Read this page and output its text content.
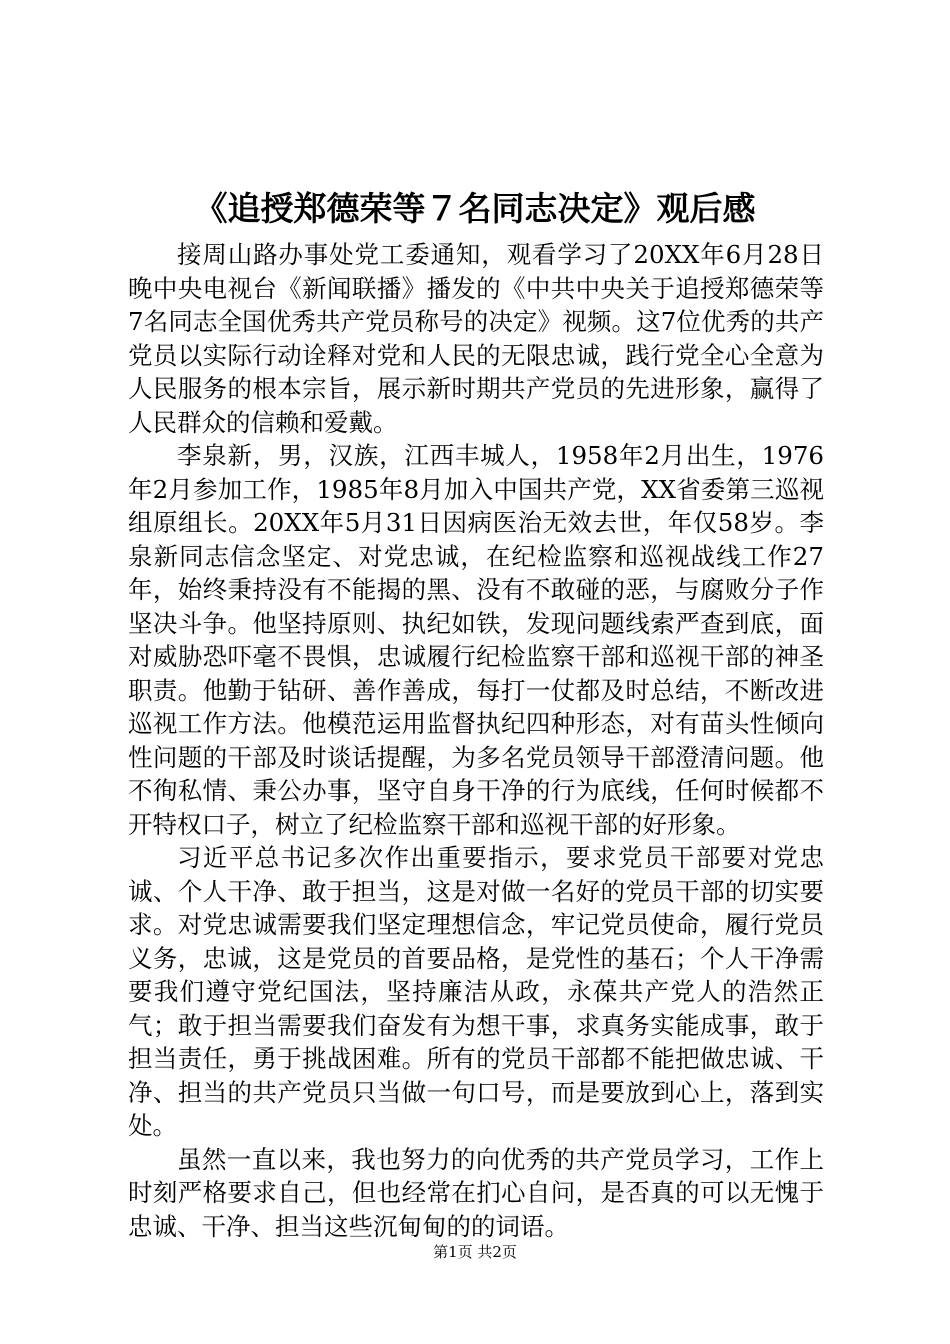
《追授郑德荣等７名同志决定》观后感

接周山路办事处党工委通知，观看学习了20XX年6月28日晚中央电视台《新闻联播》播发的《中共中央关于追授郑德荣等7名同志全国优秀共产党员称号的决定》视频。这7位优秀的共产党员以实际行动诠释对党和人民的无限忠诚，践行党全心全意为人民服务的根本宗旨，展示新时期共产党员的先进形象，赢得了人民群众的信赖和爱戴。

李泉新，男，汉族，江西丰城人，1958年2月出生，1976年2月参加工作，1985年8月加入中国共产党，XX省委第三巡视组原组长。20XX年5月31日因病医治无效去世，年仅58岁。李泉新同志信念坚定、对党忠诚，在纪检监察和巡视战线工作27年，始终秉持没有不能揭的黑、没有不敢碰的恶，与腐败分子作坚决斗争。他坚持原则、执纪如铁，发现问题线索严查到底，面对威胁恐吓毫不畏惧，忠诚履行纪检监察干部和巡视干部的神圣职责。他勤于钻研、善作善成，每打一仗都及时总结，不断改进巡视工作方法。他模范运用监督执纪四种形态，对有苗头性倾向性问题的干部及时谈话提醒，为多名党员领导干部澄清问题。他不徇私情、秉公办事，坚守自身干净的行为底线，任何时候都不开特权口子，树立了纪检监察干部和巡视干部的好形象。

习近平总书记多次作出重要指示，要求党员干部要对党忠诚、个人干净、敢于担当，这是对做一名好的党员干部的切实要求。对党忠诚需要我们坚定理想信念，牢记党员使命，履行党员义务，忠诚，这是党员的首要品格，是党性的基石；个人干净需要我们遵守党纪国法，坚持廉洁从政，永葆共产党人的浩然正气；敢于担当需要我们奋发有为想干事，求真务实能成事，敢于担当责任，勇于挑战困难。所有的党员干部都不能把做忠诚、干净、担当的共产党员只当做一句口号，而是要放到心上，落到实处。

虽然一直以来，我也努力的向优秀的共产党员学习，工作上时刻严格要求自己，但也经常在扪心自问，是否真的可以无愧于忠诚、干净、担当这些沉甸甸的的词语。

第1页 共2页
